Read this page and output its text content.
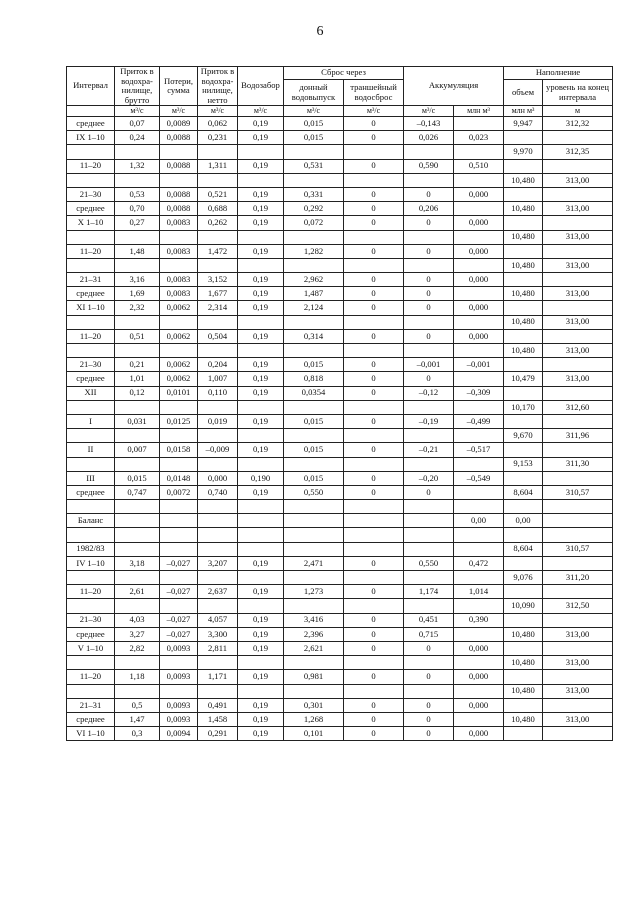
6
Интервал	Приток в водохра-нилище, брутто	Потери, сумма	Приток в водохра-нилище, нетто	Водозабор	Сброс через		Аккумуляция		Наполнение	
					донный водовыпуск	траншейный водосброс			объем	уровень на конец интервала
	м³/с	м³/с	м³/с	м³/с	м³/с	м³/с	м³/с	млн м³	млн м³	м
среднее	0,07	0,0089	0,062	0,19	0,015	0	–0,143		9,947	312,32
IX 1–10	0,24	0,0088	0,231	0,19	0,015	0	0,026	0,023		
									9,970	312,35
11–20	1,32	0,0088	1,311	0,19	0,531	0	0,590	0,510		
									10,480	313,00
21–30	0,53	0,0088	0,521	0,19	0,331	0	0	0,000		
среднее	0,70	0,0088	0,688	0,19	0,292	0	0,206		10,480	313,00
X 1–10	0,27	0,0083	0,262	0,19	0,072	0	0	0,000		
									10,480	313,00
11–20	1,48	0,0083	1,472	0,19	1,282	0	0	0,000		
									10,480	313,00
21–31	3,16	0,0083	3,152	0,19	2,962	0	0	0,000		
среднее	1,69	0,0083	1,677	0,19	1,487	0	0		10,480	313,00
XI 1–10	2,32	0,0062	2,314	0,19	2,124	0	0	0,000		
									10,480	313,00
11–20	0,51	0,0062	0,504	0,19	0,314	0	0	0,000		
									10,480	313,00
21–30	0,21	0,0062	0,204	0,19	0,015	0	–0,001	–0,001		
среднее	1,01	0,0062	1,007	0,19	0,818	0	0		10,479	313,00
XII	0,12	0,0101	0,110	0,19	0,0354	0	–0,12	–0,309		
									10,170	312,60
I	0,031	0,0125	0,019	0,19	0,015	0	–0,19	–0,499		
									9,670	311,96
II	0,007	0,0158	–0,009	0,19	0,015	0	–0,21	–0,517		
									9,153	311,30
III	0,015	0,0148	0,000	0,190	0,015	0	–0,20	–0,549		
среднее	0,747	0,0072	0,740	0,19	0,550	0	0		8,604	310,57

Баланс								0,00	0,00	

1982/83									8,604	310,57
IV 1–10	3,18	–0,027	3,207	0,19	2,471	0	0,550	0,472		
									9,076	311,20
11–20	2,61	–0,027	2,637	0,19	1,273	0	1,174	1,014		
									10,090	312,50
21–30	4,03	–0,027	4,057	0,19	3,416	0	0,451	0,390		
среднее	3,27	–0,027	3,300	0,19	2,396	0	0,715		10,480	313,00
V 1–10	2,82	0,0093	2,811	0,19	2,621	0	0	0,000		
									10,480	313,00
11–20	1,18	0,0093	1,171	0,19	0,981	0	0	0,000		
									10,480	313,00
21–31	0,5	0,0093	0,491	0,19	0,301	0	0	0,000		
среднее	1,47	0,0093	1,458	0,19	1,268	0	0		10,480	313,00
VI 1–10	0,3	0,0094	0,291	0,19	0,101	0	0	0,000		
